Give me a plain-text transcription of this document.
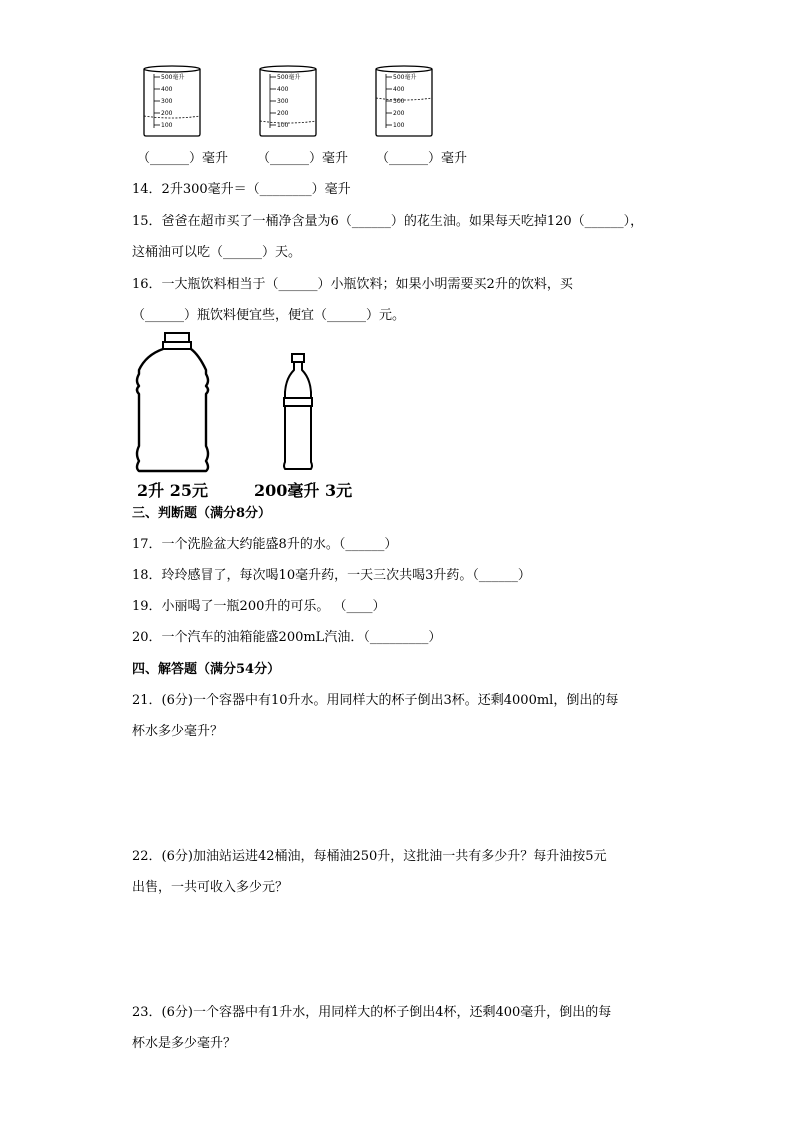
500毫升
400
300
200
100
500毫升
400
300
200
100
500毫升
400
300
200
100
（______）毫升 （______）毫升 （______）毫升
14．2升300毫升＝（________）毫升
15．爸爸在超市买了一桶净含量为6（______）的花生油。如果每天吃掉120（______），
这桶油可以吃（______）天。
16．一大瓶饮料相当于（______）小瓶饮料；如果小明需要买2升的饮料，买
（______）瓶饮料便宜些，便宜（______）元。
2升 25元	200毫升 3元
三、判断题（满分8分）
17．一个洗脸盆大约能盛8升的水。（______）
18．玲玲感冒了，每次喝10毫升药，一天三次共喝3升药。（______）
19．小丽喝了一瓶200升的可乐。 （____）
20．一个汽车的油箱能盛200mL汽油．（_________）
四、解答题（满分54分）
21．(6分)一个容器中有10升水。用同样大的杯子倒出3杯。还剩4000ml，倒出的每
杯水多少毫升？
22．(6分)加油站运进42桶油，每桶油250升，这批油一共有多少升？每升油按5元
出售，一共可收入多少元？
23．(6分)一个容器中有1升水，用同样大的杯子倒出4杯，还剩400毫升，倒出的每
杯水是多少毫升？
